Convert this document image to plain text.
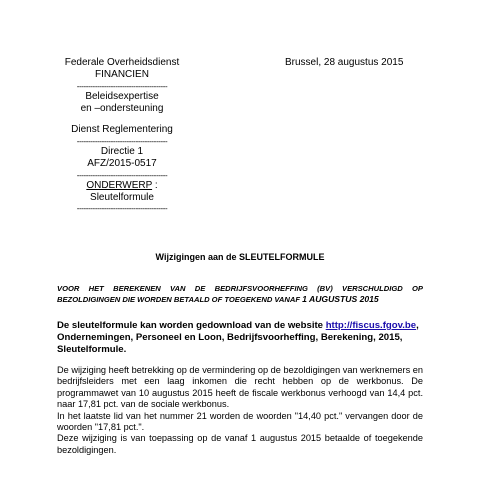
Federale Overheidsdienst
FINANCIEN
----------------------------------------
Beleidsexpertise
en –ondersteuning
Dienst Reglementering
----------------------------------------
Directie 1
AFZ/2015-0517
----------------------------------------
ONDERWERP :
Sleutelformule
----------------------------------------
Brussel, 28 augustus 2015
Wijzigingen aan de SLEUTELFORMULE
VOOR HET BEREKENEN VAN DE BEDRIJFSVOORHEFFING (BV) VERSCHULDIGD OP BEZOLDIGINGEN DIE WORDEN BETAALD OF TOEGEKEND VANAF 1 AUGUSTUS 2015
De sleutelformule kan worden gedownload van de website http://fiscus.fgov.be, Ondernemingen, Personeel en Loon, Bedrijfsvoorheffing, Berekening, 2015, Sleutelformule.

De wijziging heeft betrekking op de vermindering op de bezoldigingen van werknemers en bedrijfsleiders met een laag inkomen die recht hebben op de werkbonus. De programmawet van 10 augustus 2015 heeft de fiscale werkbonus verhoogd van 14,4 pct. naar 17,81 pct. van de sociale werkbonus.

In het laatste lid van het nummer 21 worden de woorden "14,40 pct." vervangen door de woorden "17,81 pct.".

Deze wijziging is van toepassing op de vanaf 1 augustus 2015 betaalde of toegekende bezoldigingen.
